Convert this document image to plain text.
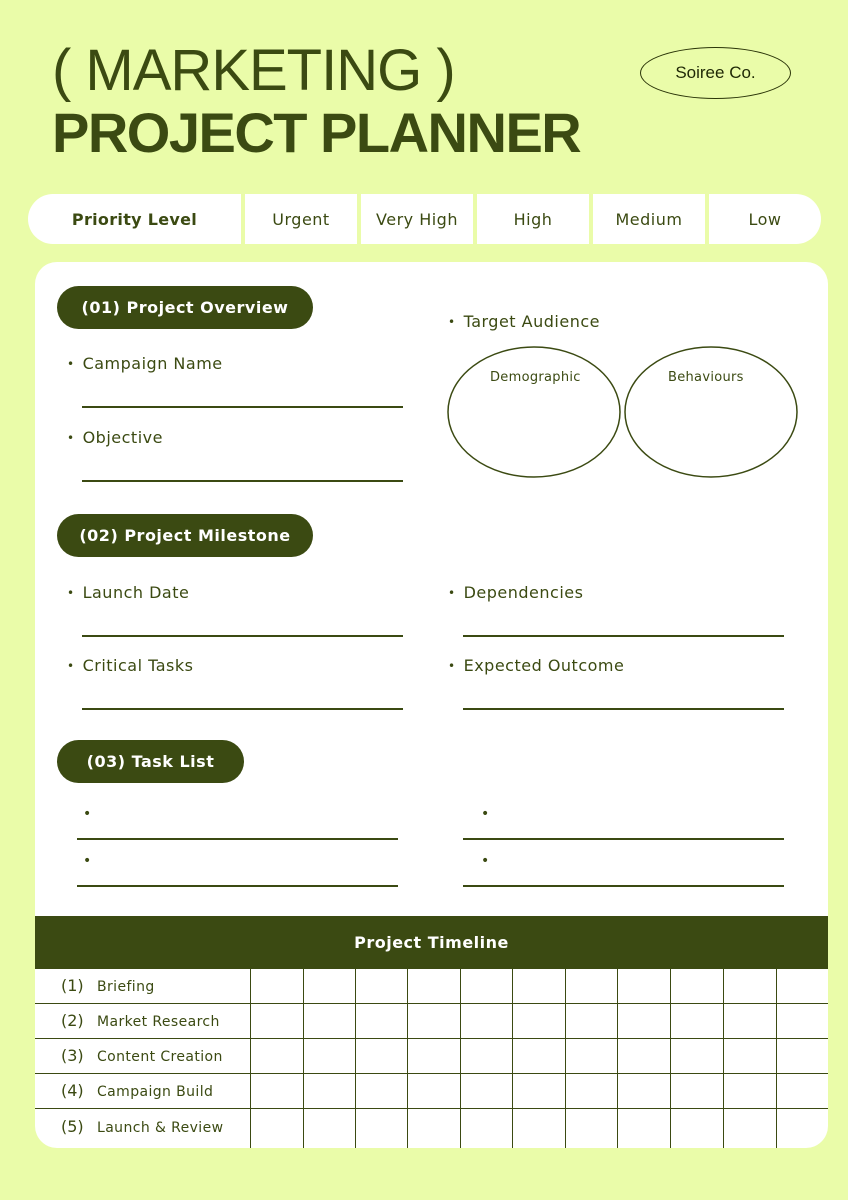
( MARKETING )
PROJECT PLANNER
Soiree Co.
Priority Level	Urgent	Very High	High	Medium	Low
(01) Project Overview
• Campaign Name
• Objective
• Target Audience
Demographic	Behaviours
(02) Project Milestone
• Launch Date
• Critical Tasks
• Dependencies
• Expected Outcome
(03) Task List
•
•
•
•
Project Timeline
(1) Briefing
(2) Market Research
(3) Content Creation
(4) Campaign Build
(5) Launch & Review
